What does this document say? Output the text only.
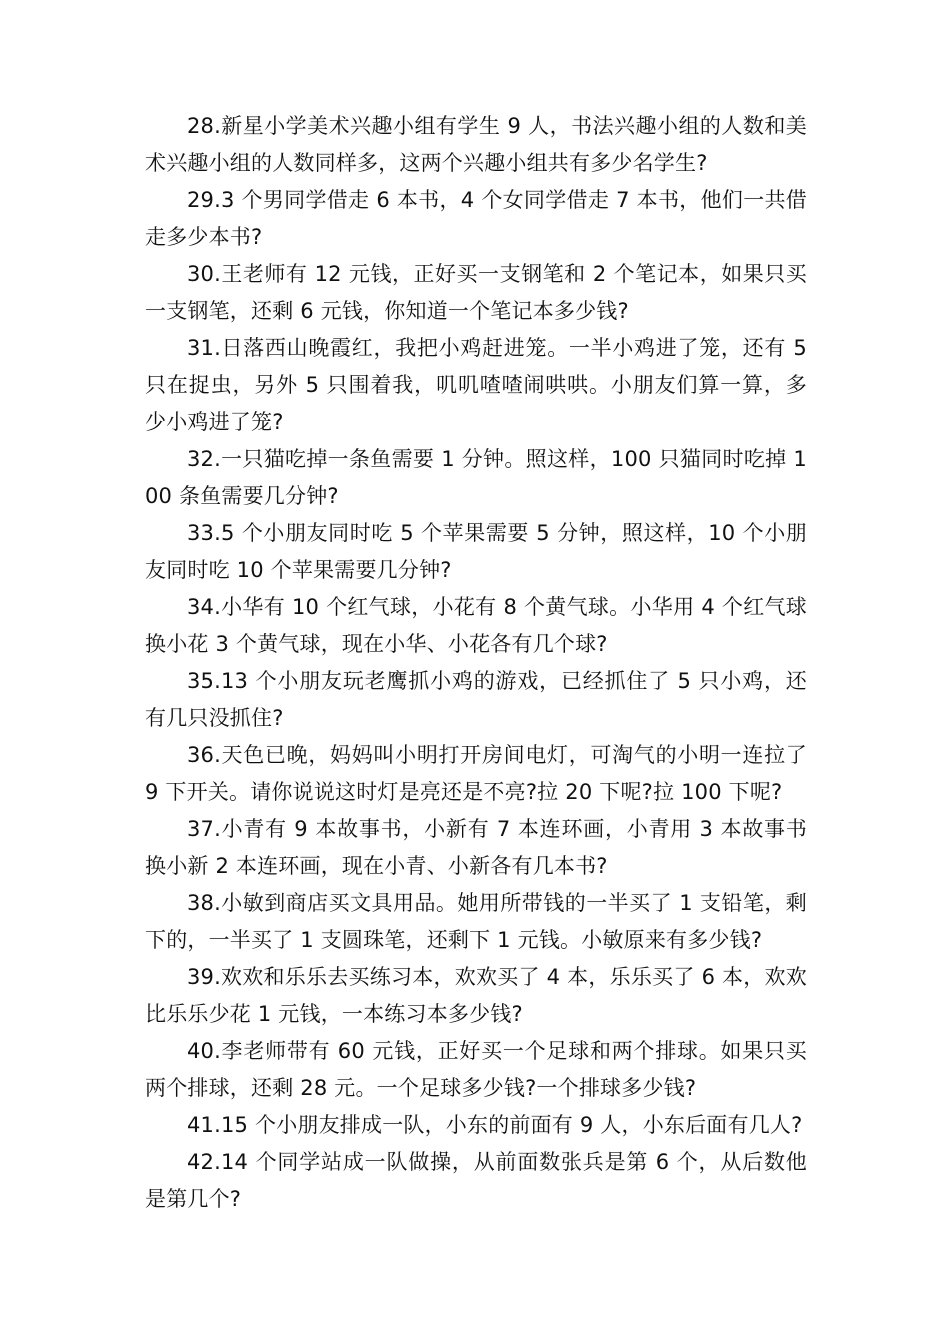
28.新星小学美术兴趣小组有学生 9 人，书法兴趣小组的人数和美术兴趣小组的人数同样多，这两个兴趣小组共有多少名学生?

29.3 个男同学借走 6 本书，4 个女同学借走 7 本书，他们一共借走多少本书?

30.王老师有 12 元钱，正好买一支钢笔和 2 个笔记本，如果只买一支钢笔，还剩 6 元钱，你知道一个笔记本多少钱?

31.日落西山晚霞红，我把小鸡赶进笼。一半小鸡进了笼，还有 5 只在捉虫，另外 5 只围着我，叽叽喳喳闹哄哄。小朋友们算一算，多少小鸡进了笼?

32.一只猫吃掉一条鱼需要 1 分钟。照这样，100 只猫同时吃掉 100 条鱼需要几分钟?

33.5 个小朋友同时吃 5 个苹果需要 5 分钟，照这样，10 个小朋友同时吃 10 个苹果需要几分钟?

34.小华有 10 个红气球，小花有 8 个黄气球。小华用 4 个红气球换小花 3 个黄气球，现在小华、小花各有几个球?

35.13 个小朋友玩老鹰抓小鸡的游戏，已经抓住了 5 只小鸡，还有几只没抓住?

36.天色已晚，妈妈叫小明打开房间电灯，可淘气的小明一连拉了 9 下开关。请你说说这时灯是亮还是不亮?拉 20 下呢?拉 100 下呢?

37.小青有 9 本故事书，小新有 7 本连环画，小青用 3 本故事书换小新 2 本连环画，现在小青、小新各有几本书?

38.小敏到商店买文具用品。她用所带钱的一半买了 1 支铅笔，剩下的，一半买了 1 支圆珠笔，还剩下 1 元钱。小敏原来有多少钱?

39.欢欢和乐乐去买练习本，欢欢买了 4 本，乐乐买了 6 本，欢欢比乐乐少花 1 元钱，一本练习本多少钱?

40.李老师带有 60 元钱，正好买一个足球和两个排球。如果只买两个排球，还剩 28 元。一个足球多少钱?一个排球多少钱?

41.15 个小朋友排成一队，小东的前面有 9 人，小东后面有几人?

42.14 个同学站成一队做操，从前面数张兵是第 6 个，从后数他是第几个?
